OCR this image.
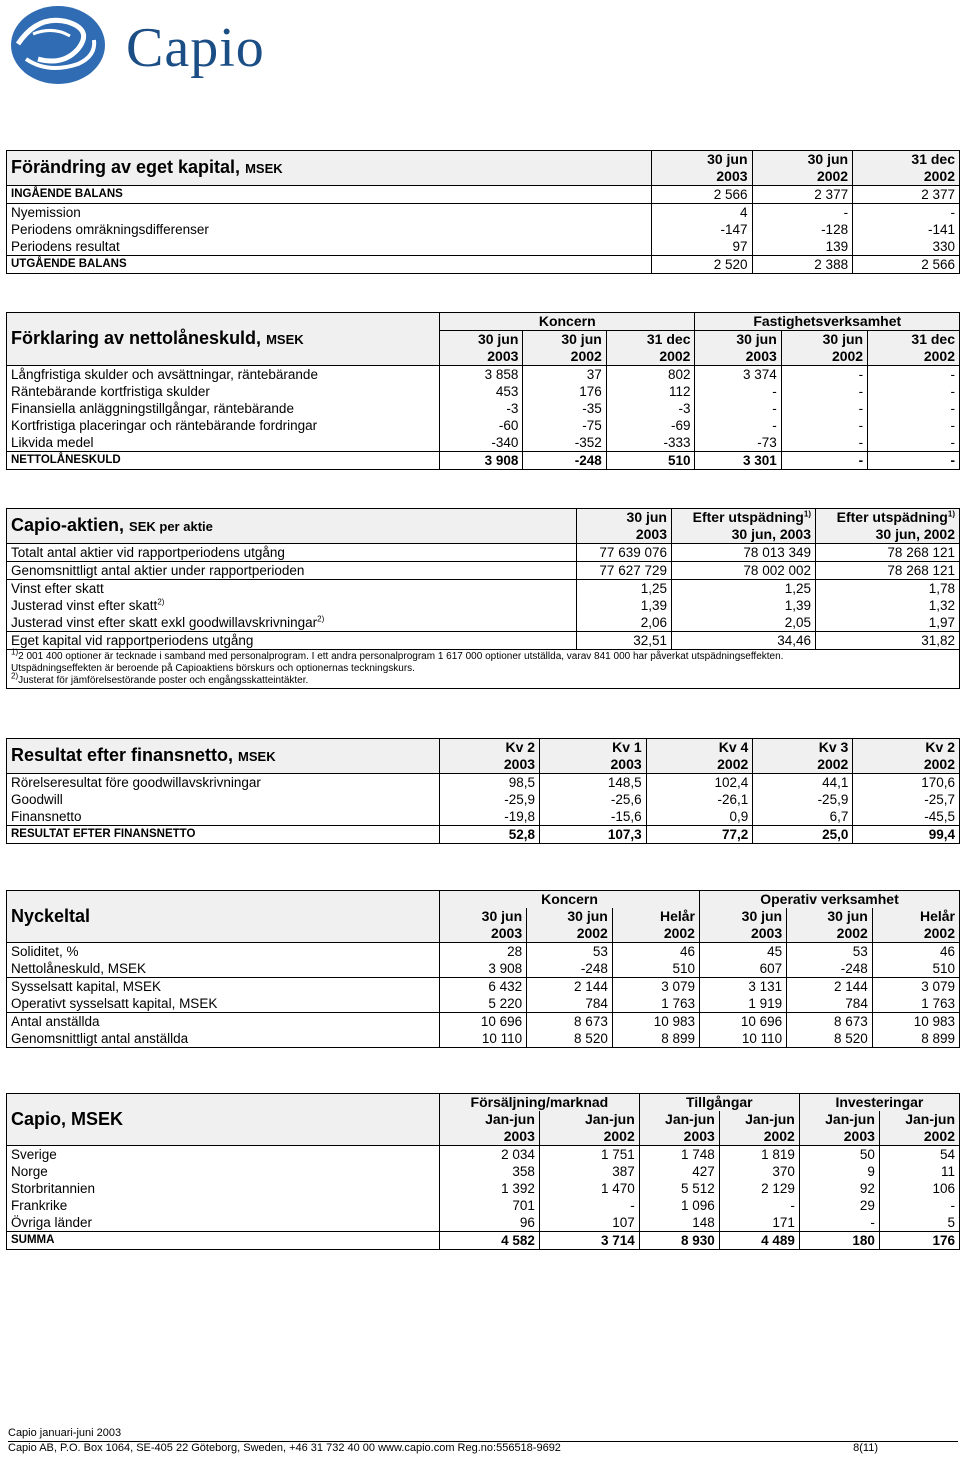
Capio
Förändring av eget kapital, MSEK	30 jun	30 jun	31 dec
	2003	2002	2002
INGÅENDE BALANS	2 566	2 377	2 377
Nyemission	4	-	-
Periodens omräkningsdifferenser	-147	-128	-141
Periodens resultat	97	139	330
UTGÅENDE BALANS	2 520	2 388	2 566
Förklaring av nettolåneskuld, MSEK	Koncern			Fastighetsverksamhet		
	30 jun	30 jun	31 dec	30 jun	30 jun	31 dec
	2003	2002	2002	2003	2002	2002
Långfristiga skulder och avsättningar, räntebärande	3 858	37	802	3 374	-	-
Räntebärande kortfristiga skulder	453	176	112	-	-	-
Finansiella anläggningstillgångar, räntebärande	-3	-35	-3	-	-	-
Kortfristiga placeringar och räntebärande fordringar	-60	-75	-69	-	-	-
Likvida medel	-340	-352	-333	-73	-	-
NETTOLÅNESKULD	3 908	-248	510	3 301	-	-
Capio-aktien, SEK per aktie	30 jun	Efter utspädning$^{1)}$	Efter utspädning$^{1)}$
	2003	30 jun, 2003	30 jun, 2002
Totalt antal aktier vid rapportperiodens utgång	77 639 076	78 013 349	78 268 121
Genomsnittligt antal aktier under rapportperioden	77 627 729	78 002 002	78 268 121
Vinst efter skatt	1,25	1,25	1,78
Justerad vinst efter skatt$^{2)}$	1,39	1,39	1,32
Justerad vinst efter skatt exkl goodwillavskrivningar$^{2)}$	2,06	2,05	1,97
Eget kapital vid rapportperiodens utgång	32,51	34,46	31,82

$^{1)}$2 001 400 optioner är tecknade i samband med personalprogram. I ett andra personalprogram 1 617 000 optioner utställda, varav 841 000 har påverkat utspädningseffekten.
Utspädningseffekten är beroende på Capioaktiens börskurs och optionernas teckningskurs.
$^{2)}$Justerat för jämförelsestörande poster och engångsskatteintäkter.			
Resultat efter finansnetto, MSEK	Kv 2	Kv 1	Kv 4	Kv 3	Kv 2
	2003	2003	2002	2002	2002
Rörelseresultat före goodwillavskrivningar	98,5	148,5	102,4	44,1	170,6
Goodwill	-25,9	-25,6	-26,1	-25,9	-25,7
Finansnetto	-19,8	-15,6	0,9	6,7	-45,5
RESULTAT EFTER FINANSNETTO	52,8	107,3	77,2	25,0	99,4
Nyckeltal	Koncern			Operativ verksamhet		
	30 jun	30 jun	Helår	30 jun	30 jun	Helår
	2003	2002	2002	2003	2002	2002
Soliditet, %	28	53	46	45	53	46
Nettolåneskuld, MSEK	3 908	-248	510	607	-248	510
Sysselsatt kapital, MSEK	6 432	2 144	3 079	3 131	2 144	3 079
Operativt sysselsatt kapital, MSEK	5 220	784	1 763	1 919	784	1 763
Antal anställda	10 696	8 673	10 983	10 696	8 673	10 983
Genomsnittligt antal anställda	10 110	8 520	8 899	10 110	8 520	8 899
Capio, MSEK	Försäljning/marknad		Tillgångar		Investeringar	
	Jan-jun	Jan-jun	Jan-jun	Jan-jun	Jan-jun	Jan-jun
	2003	2002	2003	2002	2003	2002
Sverige	2 034	1 751	1 748	1 819	50	54
Norge	358	387	427	370	9	11
Storbritannien	1 392	1 470	5 512	2 129	92	106
Frankrike	701	-	1 096	-	29	-
Övriga länder	96	107	148	171	-	5
SUMMA	4 582	3 714	8 930	4 489	180	176
Capio januari-juni 2003
Capio AB, P.O. Box 1064, SE-405 22 Göteborg, Sweden, +46 31 732 40 00 www.capio.com Reg.no:556518-9692	8(11)
